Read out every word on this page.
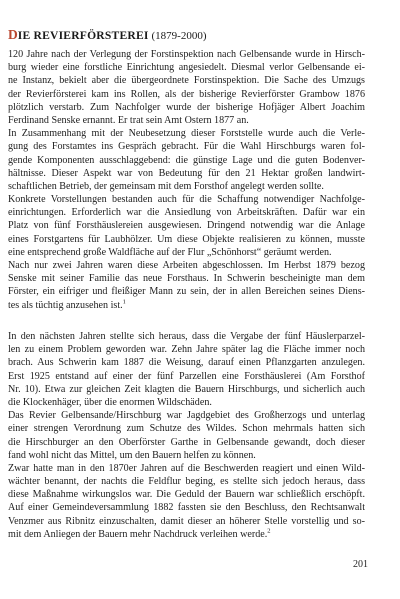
DIE REVIERFÖRSTEREI (1879-2000)
120 Jahre nach der Verlegung der Forstinspektion nach Gelbensande wurde in Hirsch-
burg wieder eine forstliche Einrichtung angesiedelt. Diesmal verlor Gelbensande ei-
ne Instanz, bekielt aber die übergeordnete Forstinspektion. Die Sache des Umzugs
der Revierförsterei kam ins Rollen, als der bisherige Revierförster Grambow 1876
plötzlich verstarb. Zum Nachfolger wurde der bisherige Hofjäger Albert Joachim
Ferdinand Senske ernannt. Er trat sein Amt Ostern 1877 an.
In Zusammenhang mit der Neubesetzung dieser Forststelle wurde auch die Verle-
gung des Forstamtes ins Gespräch gebracht. Für die Wahl Hirschburgs waren fol-
gende Komponenten ausschlaggebend: die günstige Lage und die guten Bodenver-
hältnisse. Dieser Aspekt war von Bedeutung für den 21 Hektar großen landwirt-
schaftlichen Betrieb, der gemeinsam mit dem Forsthof angelegt werden sollte.
Konkrete Vorstellungen bestanden auch für die Schaffung notwendiger Nachfolge-
einrichtungen. Erforderlich war die Ansiedlung von Arbeitskräften. Dafür war ein
Platz von fünf Forsthäuslereien ausgewiesen. Dringend notwendig war die Anlage
eines Forstgartens für Laubhölzer. Um diese Objekte realisieren zu können, musste
eine entsprechend große Waldfläche auf der Flur „Schönhorst“ geräumt werden.
Nach nur zwei Jahren waren diese Arbeiten abgeschlossen. Im Herbst 1879 bezog
Senske mit seiner Familie das neue Forsthaus. In Schwerin bescheinigte man dem
Förster, ein eifriger und fleißiger Mann zu sein, der in allen Bereichen seines Diens-
tes als tüchtig anzusehen ist.$^1$
In den nächsten Jahren stellte sich heraus, dass die Vergabe der fünf Häuslerparzel-
len zu einem Problem geworden war. Zehn Jahre später lag die Fläche immer noch
brach. Aus Schwerin kam 1887 die Weisung, darauf einen Pflanzgarten anzulegen.
Erst 1925 entstand auf einer der fünf Parzellen eine Forsthäuslerei (Am Forsthof
Nr. 10). Etwa zur gleichen Zeit klagten die Bauern Hirschburgs, und sicherlich auch
die Klockenhäger, über die enormen Wildschäden.
Das Revier Gelbensande/Hirschburg war Jagdgebiet des Großherzogs und unterlag
einer strengen Verordnung zum Schutze des Wildes. Schon mehrmals hatten sich
die Hirschburger an den Oberförster Garthe in Gelbensande gewandt, doch dieser
fand wohl nicht das Mittel, um den Bauern helfen zu können.
Zwar hatte man in den 1870er Jahren auf die Beschwerden reagiert und einen Wild-
wächter benannt, der nachts die Feldflur beging, es stellte sich jedoch heraus, dass
diese Maßnahme wirkungslos war. Die Geduld der Bauern war schließlich erschöpft.
Auf einer Gemeindeversammlung 1882 fassten sie den Beschluss, den Rechtsanwalt
Venzmer aus Ribnitz einzuschalten, damit dieser an höherer Stelle vorstellig und so-
mit dem Anliegen der Bauern mehr Nachdruck verleihen werde.$^2$
201
